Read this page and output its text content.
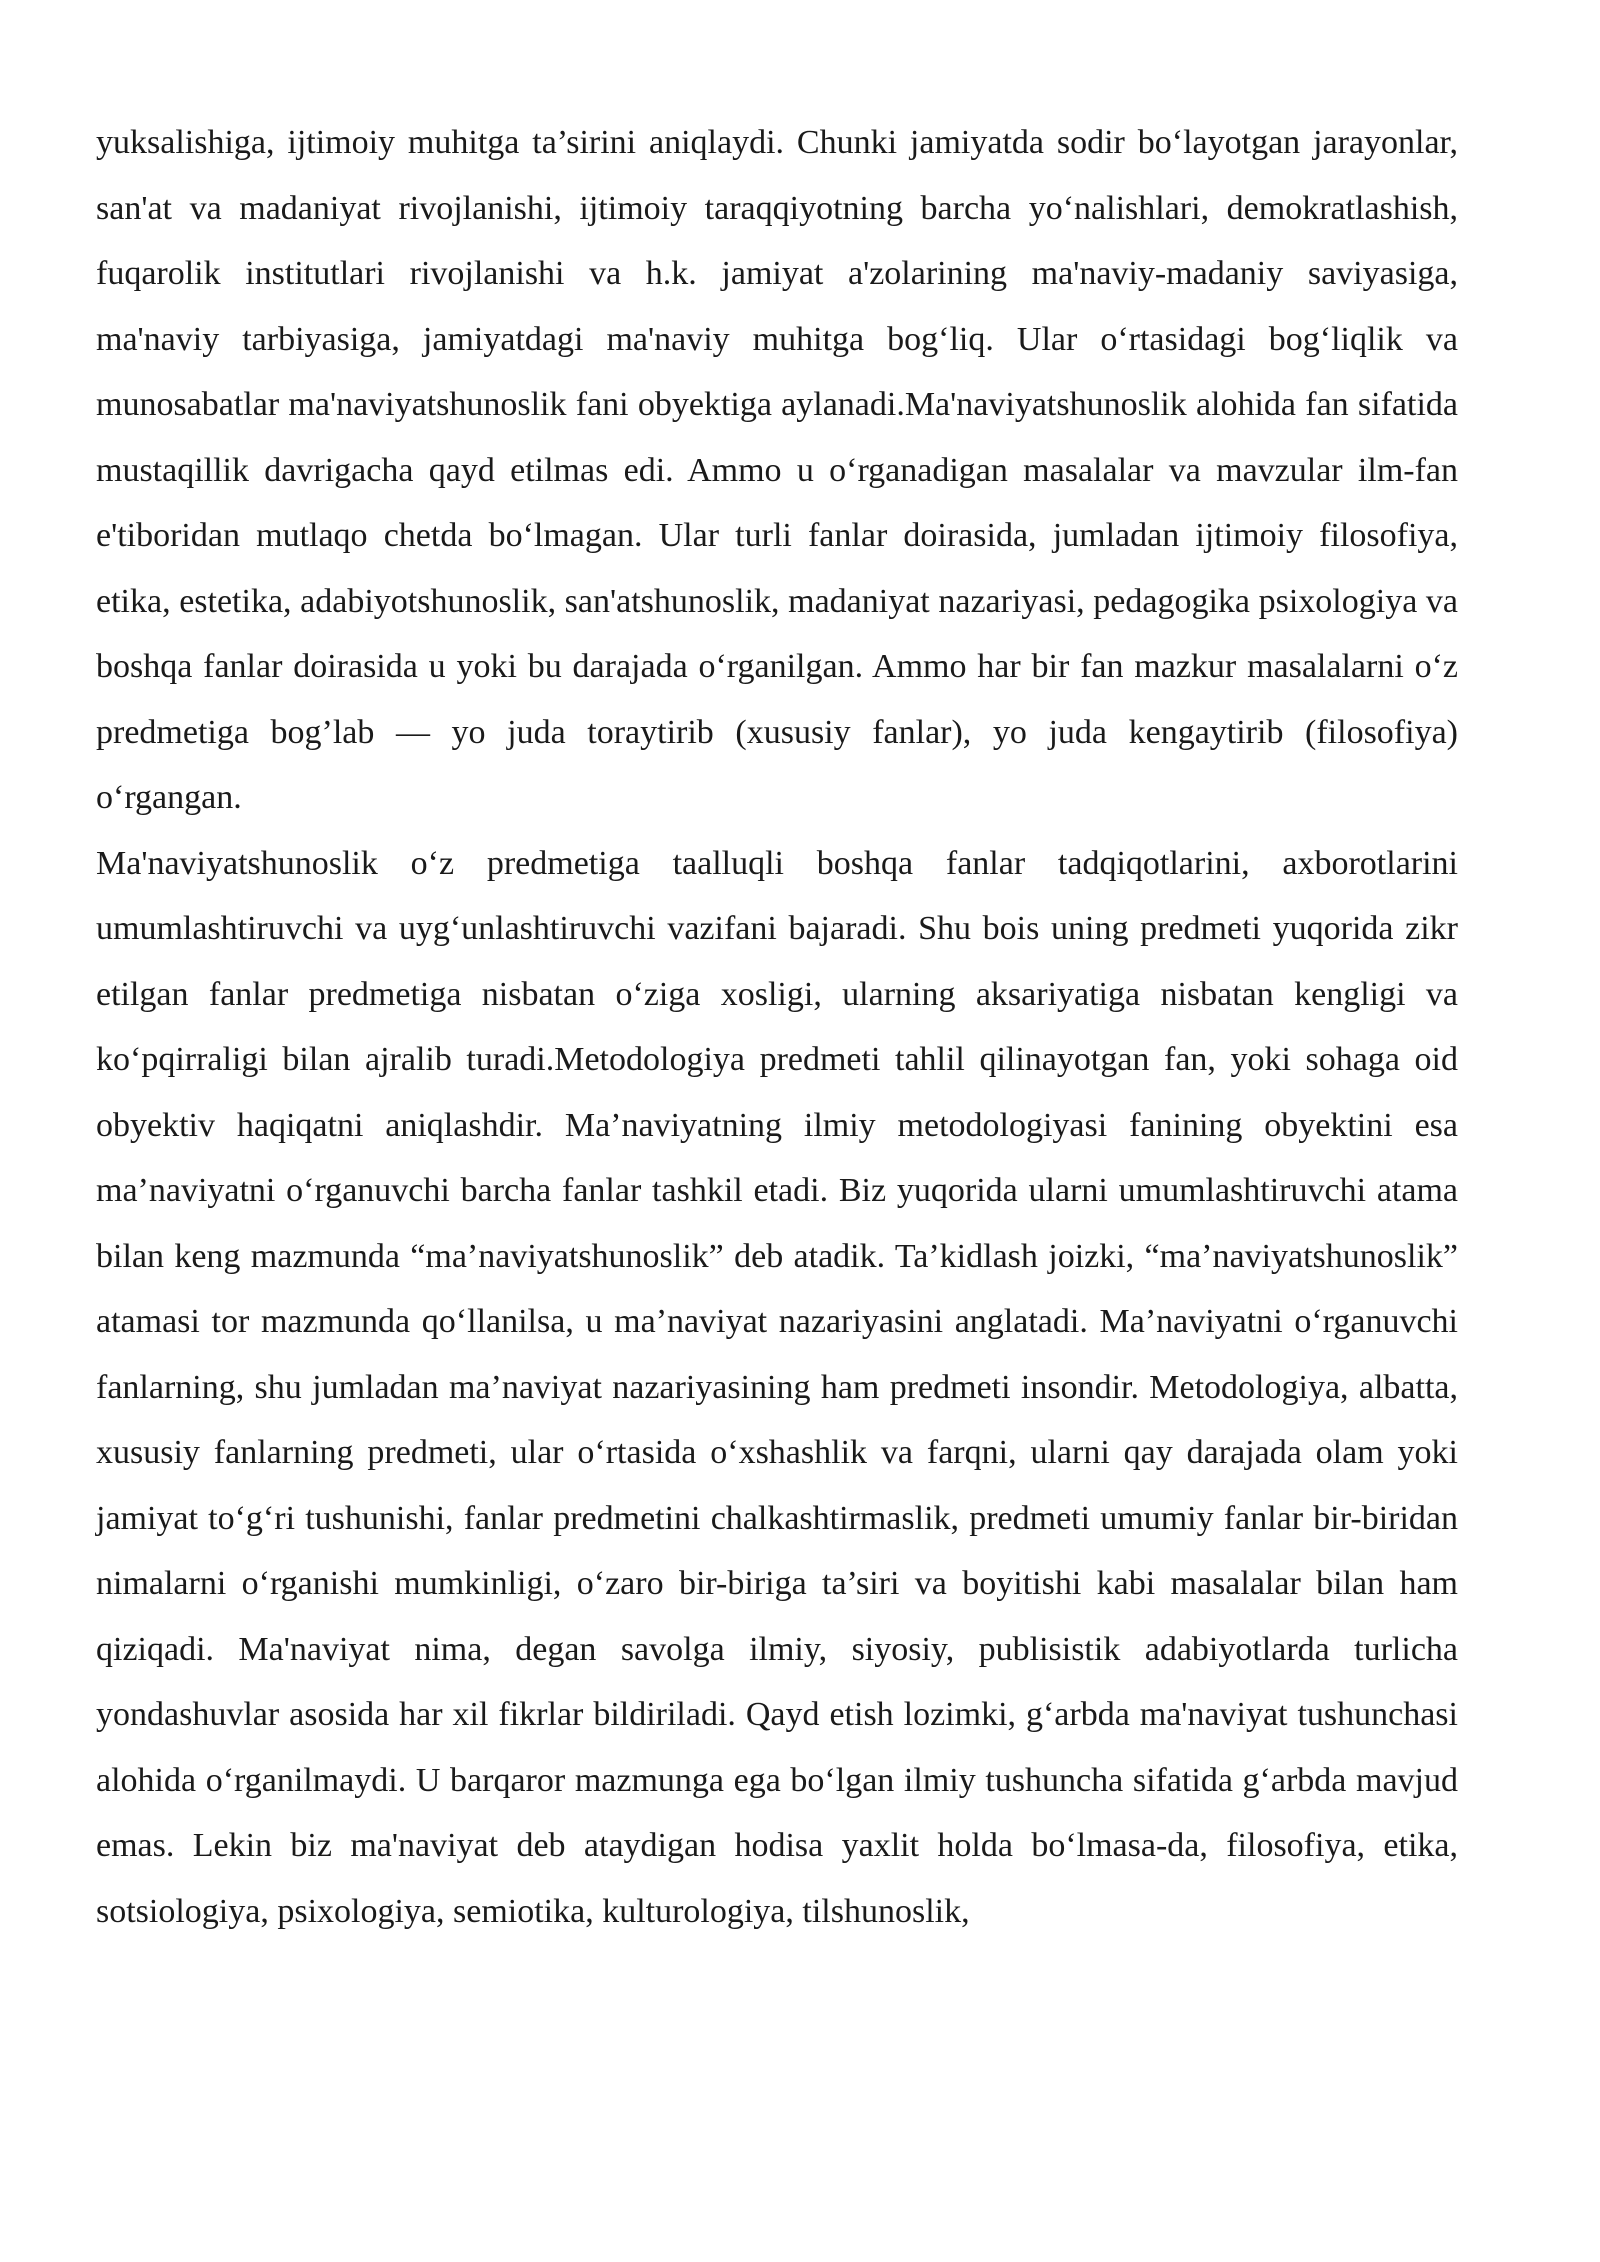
yuksalishiga, ijtimoiy muhitga ta’sirini aniqlaydi. Chunki jamiyatda sodir bo‘layotgan jarayonlar, san'at va madaniyat rivojlanishi, ijtimoiy taraqqiyotning barcha yo‘nalishlari, demokratlashish, fuqarolik institutlari rivojlanishi va h.k. jamiyat a'zolarining ma'naviy-madaniy saviyasiga, ma'naviy tarbiyasiga, jamiyatdagi ma'naviy muhitga bog‘liq. Ular o‘rtasidagi bog‘liqlik va munosabatlar ma'naviyatshunoslik fani obyektiga aylanadi.Ma'naviyatshunoslik alohida fan sifatida mustaqillik davrigacha qayd etilmas edi. Ammo u o‘rganadigan masalalar va mavzular ilm-fan e'tiboridan mutlaqo chetda bo‘lmagan. Ular turli fanlar doirasida, jumladan ijtimoiy filosofiya, etika, estetika, adabiyotshunoslik, san'atshunoslik, madaniyat nazariyasi, pedagogika psixologiya va boshqa fanlar doirasida u yoki bu darajada o‘rganilgan. Ammo har bir fan mazkur masalalarni o‘z predmetiga bog’lab — yo juda toraytirib (xususiy fanlar), yo juda kengaytirib (filosofiya) o‘rgangan.

Ma'naviyatshunoslik o‘z predmetiga taalluqli boshqa fanlar tadqiqotlarini, axborotlarini umumlashtiruvchi va uyg‘unlashtiruvchi vazifani bajaradi. Shu bois uning predmeti yuqorida zikr etilgan fanlar predmetiga nisbatan o‘ziga xosligi, ularning aksariyatiga nisbatan kengligi va ko‘pqirraligi bilan ajralib turadi.Metodologiya predmeti tahlil qilinayotgan fan, yoki sohaga oid obyektiv haqiqatni aniqlashdir. Ma’naviyatning ilmiy metodologiyasi fanining obyektini esa ma’naviyatni o‘rganuvchi barcha fanlar tashkil etadi. Biz yuqorida ularni umumlashtiruvchi atama bilan keng mazmunda “ma’naviyatshunoslik” deb atadik. Ta’kidlash joizki, “ma’naviyatshunoslik” atamasi tor mazmunda qo‘llanilsa, u ma’naviyat nazariyasini anglatadi. Ma’naviyatni o‘rganuvchi fanlarning, shu jumladan ma’naviyat nazariyasining ham predmeti insondir. Metodologiya, albatta, xususiy fanlarning predmeti, ular o‘rtasida o‘xshashlik va farqni, ularni qay darajada olam yoki jamiyat to‘g‘ri tushunishi, fanlar predmetini chalkashtirmaslik, predmeti umumiy fanlar bir-biridan nimalarni o‘rganishi mumkinligi, o‘zaro bir-biriga ta’siri va boyitishi kabi masalalar bilan ham qiziqadi. Ma'naviyat nima, degan savolga ilmiy, siyosiy, publisistik adabiyotlarda turlicha yondashuvlar asosida har xil fikrlar bildiriladi. Qayd etish lozimki, g‘arbda ma'naviyat tushunchasi alohida o‘rganilmaydi. U barqaror mazmunga ega bo‘lgan ilmiy tushuncha sifatida g‘arbda mavjud emas. Lekin biz ma'naviyat deb ataydigan hodisa yaxlit holda bo‘lmasa-da, filosofiya, etika, sotsiologiya, psixologiya, semiotika, kulturologiya, tilshunoslik,
